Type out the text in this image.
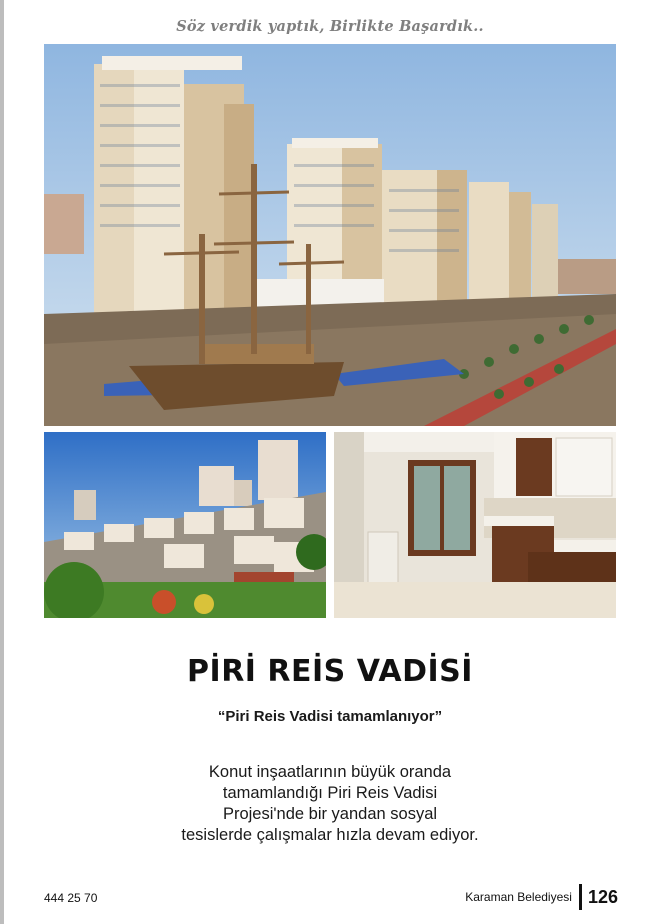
Söz verdik yaptık, Birlikte Başardık..
PİRİ REİS VADİSİ
“Piri Reis Vadisi tamamlanıyor”
Konut inşaatlarının büyük oranda
tamamlandığı Piri Reis Vadisi
Projesi'nde bir yandan sosyal
tesislerde çalışmalar hızla devam ediyor.
444 25 70	Karaman Belediyesi 126
